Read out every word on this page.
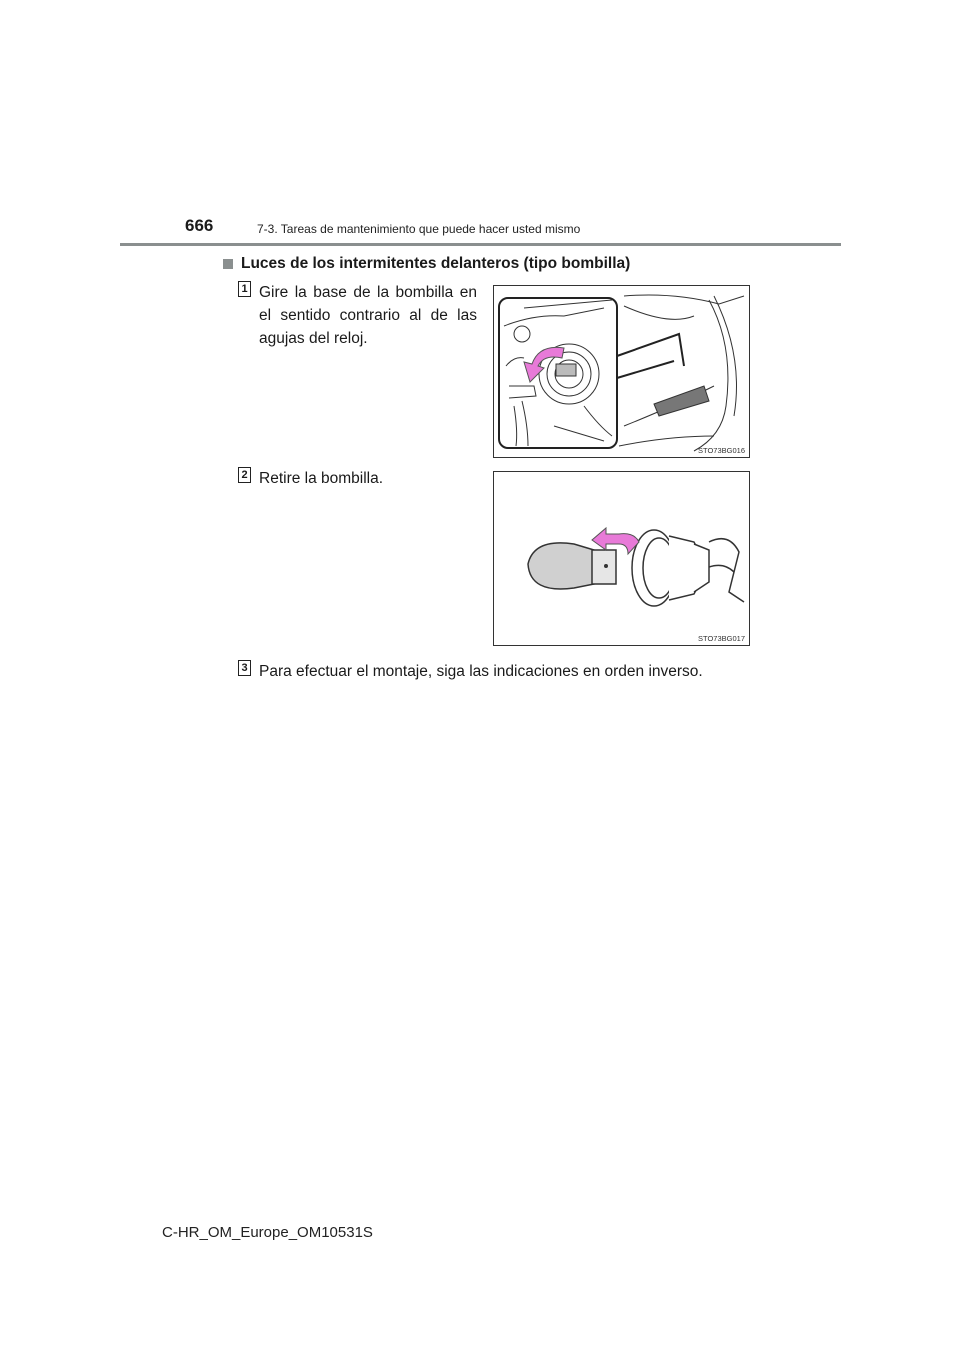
666	7-3. Tareas de mantenimiento que puede hacer usted mismo
Luces de los intermitentes delanteros (tipo bombilla)
1 Gire la base de la bombilla en el sentido contrario al de las agujas del reloj.
STO73BG016
2 Retire la bombilla.
STO73BG017
3 Para efectuar el montaje, siga las indicaciones en orden inverso.
C-HR_OM_Europe_OM10531S
